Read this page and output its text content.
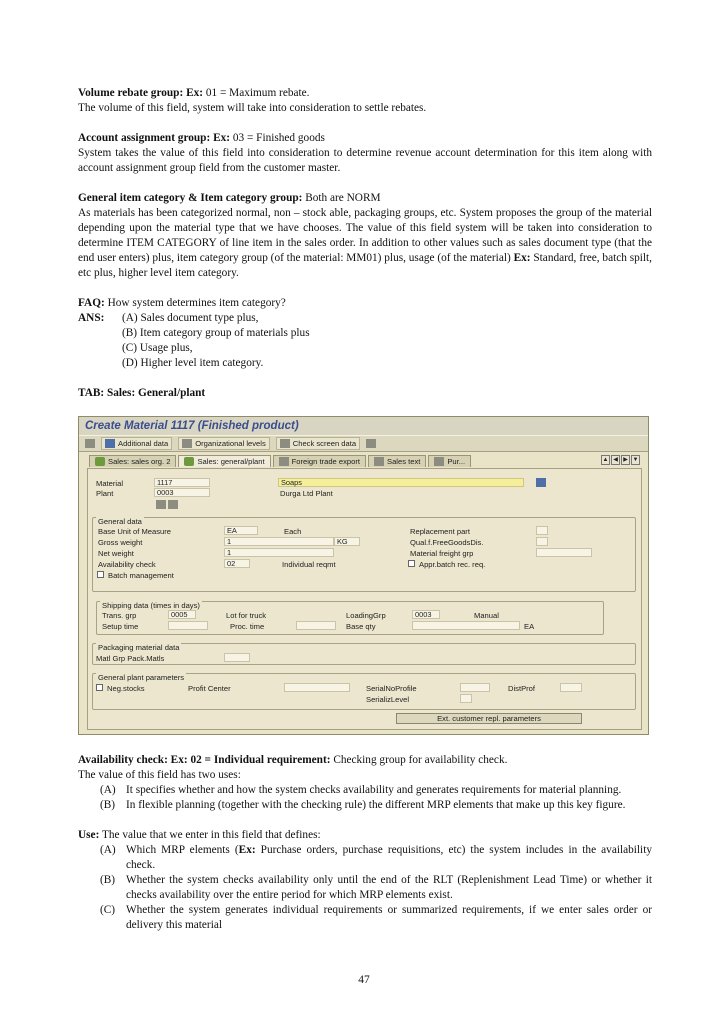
Volume rebate group: Ex: 01 = Maximum rebate.

The volume of this field, system will take into consideration to settle rebates.

Account assignment group: Ex: 03 = Finished goods

System takes the value of this field into consideration to determine revenue account determination for this item along with account assignment group field from the customer master.

General item category & Item category group: Both are NORM

As materials has been categorized normal, non – stock able, packaging groups, etc. System proposes the group of the material depending upon the material type that we have chooses. The value of this field system will be taken into consideration to determine ITEM CATEGORY of line item in the sales order. In addition to other values such as sales document type (that the end user enters) plus, item category group (of the material: MM01) plus, usage (of the material) Ex: Standard, free, batch spilt, etc plus, higher level item category.

FAQ: How system determines item category?

ANS:	(A) Sales document type plus,

(B) Item category group of materials plus

(C) Usage plus,

(D) Higher level item category.

TAB: Sales: General/plant

Create Material 1117 (Finished product)
Additional data	Organizational levels	Check screen data
Sales: sales org. 2	Sales: general/plant	Foreign trade export	Sales text	Pur...	▲ ◀ ▶ ▼
Material	1117	Soaps
Plant	0003	Durga Ltd Plant
General data
Base Unit of Measure	EA	Each	Replacement part
Gross weight	1	KG	Qual.f.FreeGoodsDis.
Net weight	1	Material freight grp
Availability check	02	Individual reqmt	Appr.batch rec. req.
Batch management
Shipping data (times in days)
Trans. grp	0005	Lot for truck	LoadingGrp	0003	Manual
Setup time	Proc. time	Base qty	EA
Packaging material data
Matl Grp Pack.Matls
General plant parameters
Neg.stocks	Profit Center	SerialNoProfile	DistProf
SerializLevel
Ext. customer repl. parameters

Availability check: Ex: 02 = Individual requirement: Checking group for availability check.

The value of this field has two uses:

(A) It specifies whether and how the system checks availability and generates requirements for material planning.
(B) In flexible planning (together with the checking rule) the different MRP elements that make up this key figure.

Use: The value that we enter in this field that defines:

(A) Which MRP elements (Ex: Purchase orders, purchase requisitions, etc) the system includes in the availability check.
(B) Whether the system checks availability only until the end of the RLT (Replenishment Lead Time) or whether it checks availability over the entire period for which MRP elements exist.
(C) Whether the system generates individual requirements or summarized requirements, if we enter sales order or delivery this material
47
